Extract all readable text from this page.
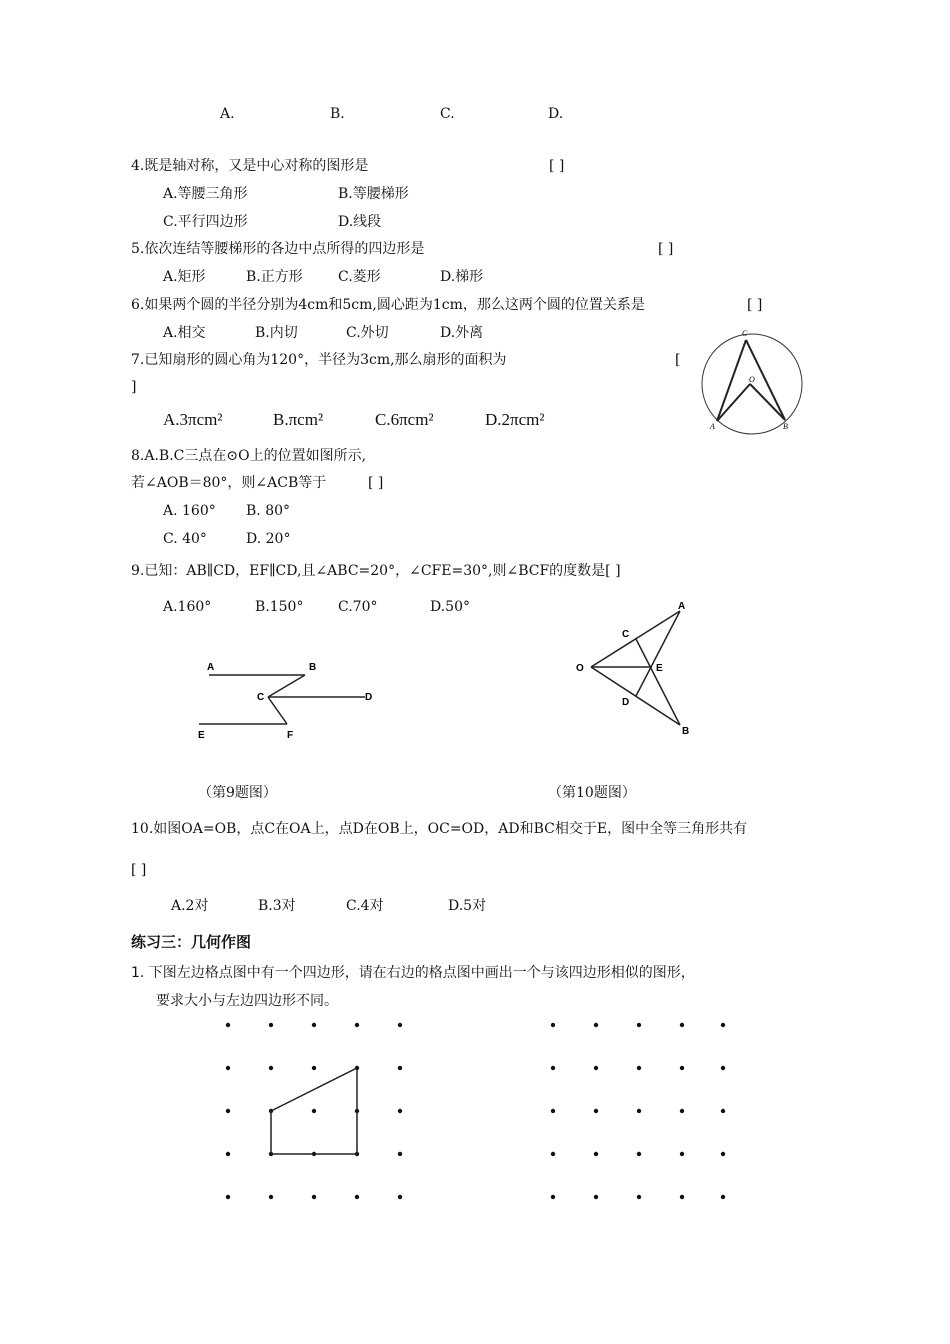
A.	B.	C.	D.
4.既是轴对称，又是中心对称的图形是	[ ]
A.等腰三角形	B.等腰梯形
C.平行四边形	D.线段
5.依次连结等腰梯形的各边中点所得的四边形是	[ ]
A.矩形	B.正方形	C.菱形	D.梯形
6.如果两个圆的半径分别为4cm和5cm,圆心距为1cm，那么这两个圆的位置关系是	[ ]
A.相交	B.内切	C.外切	D.外离
7.已知扇形的圆心角为120°，半径为3cm,那么扇形的面积为	[
]
A.3πcm²	B.πcm²	C.6πcm²	D.2πcm²
C
O
A	B
8.A.B.C三点在⊙O上的位置如图所示,
若∠AOB＝80°，则∠ACB等于	[ ]
A. 160° B. 80°
C. 40°	D. 20°
9.已知：AB∥CD，EF∥CD,且∠ABC=20°，∠CFE=30°,则∠BCF的度数是[ ]
A.160°	B.150° C.70°	D.50°
A	B
C	D
E	F
A
C
O	E
D
B
（第9题图）	（第10题图）
10.如图OA=OB，点C在OA上，点D在OB上，OC=OD，AD和BC相交于E，图中全等三角形共有
[ ]
A.2对	B.3对	C.4对	D.5对
练习三：几何作图
1. 下图左边格点图中有一个四边形，请在右边的格点图中画出一个与该四边形相似的图形，
要求大小与左边四边形不同。
